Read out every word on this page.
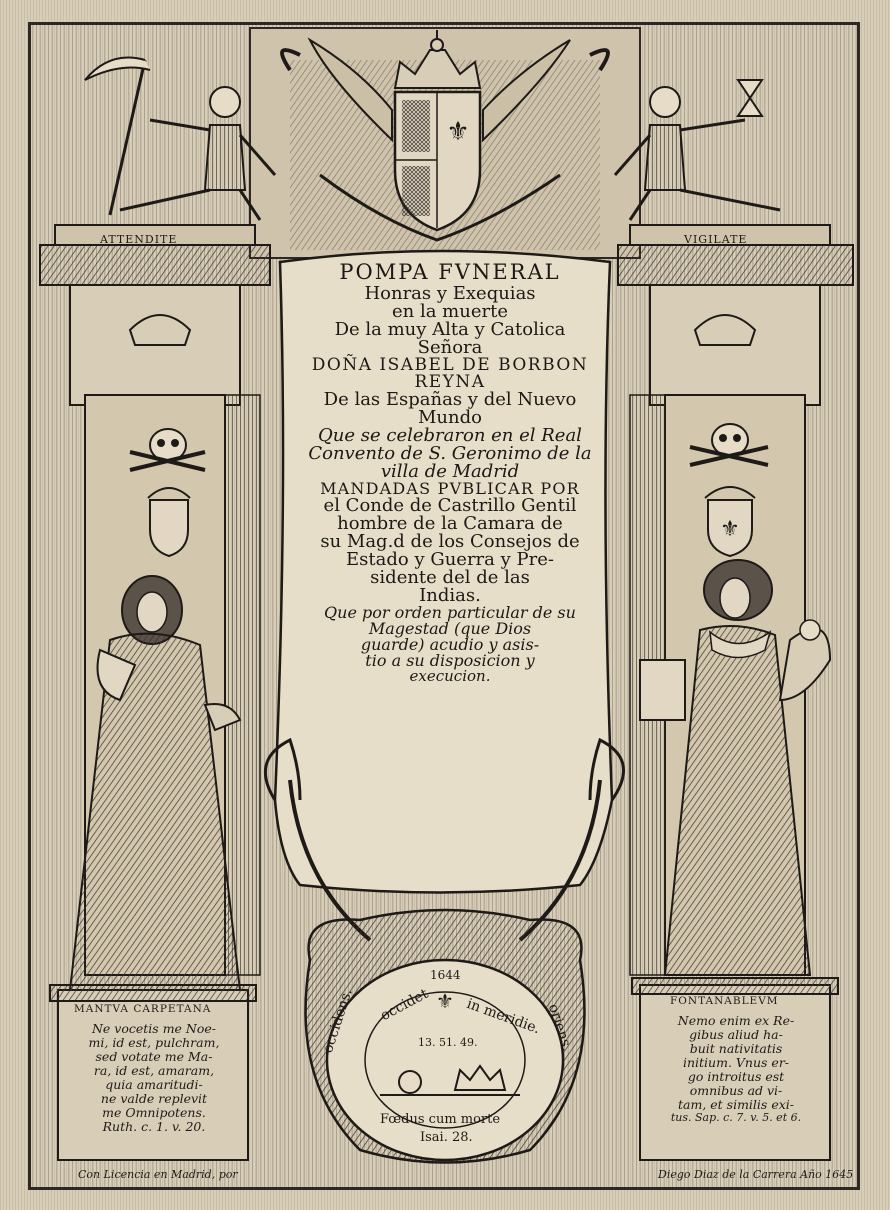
⚜
⚜
⚜
ATTENDITE	VIGILATE
POMPA FVNERAL
Honras y Exequias
en la muerte
De la muy Alta y Catolica
Señora
DOÑA ISABEL DE BORBON
REYNA
De las Españas y del Nuevo
Mundo
Que se celebraron en el Real
Convento de S. Geronimo de la
villa de Madrid
MANDADAS PVBLICAR POR
el Conde de Castrillo Gentil
hombre de la Camara de
su Mag.d de los Consejos de
Estado y Guerra y Pre-
sidente del de las
Indias.
Que por orden particular de su
Magestad (que Dios
guarde) acudio y asis-
tio a su disposicion y
execucion.
MANTVA CARPETANA
Ne vocetis me Noe-
mi, id est, pulchram,
sed votate me Ma-
ra, id est, amaram,
quia amaritudi-
ne valde replevit
me Omnipotens.
Ruth. c. 1. v. 20.
FONTANABLEVM
Nemo enim ex Re-
gibus aliud ha-
buit nativitatis
initium. Vnus er-
go introitus est
omnibus ad vi-
tam, et similis exi-
tus. Sap. c. 7. v. 5. et 6.
1644
occidens. occidet in meridie. oriens.
13. 51. 49.
Fœdus cum morte
Isai. 28.
Con Licencia en Madrid, por	Diego Diaz de la Carrera Año 1645
